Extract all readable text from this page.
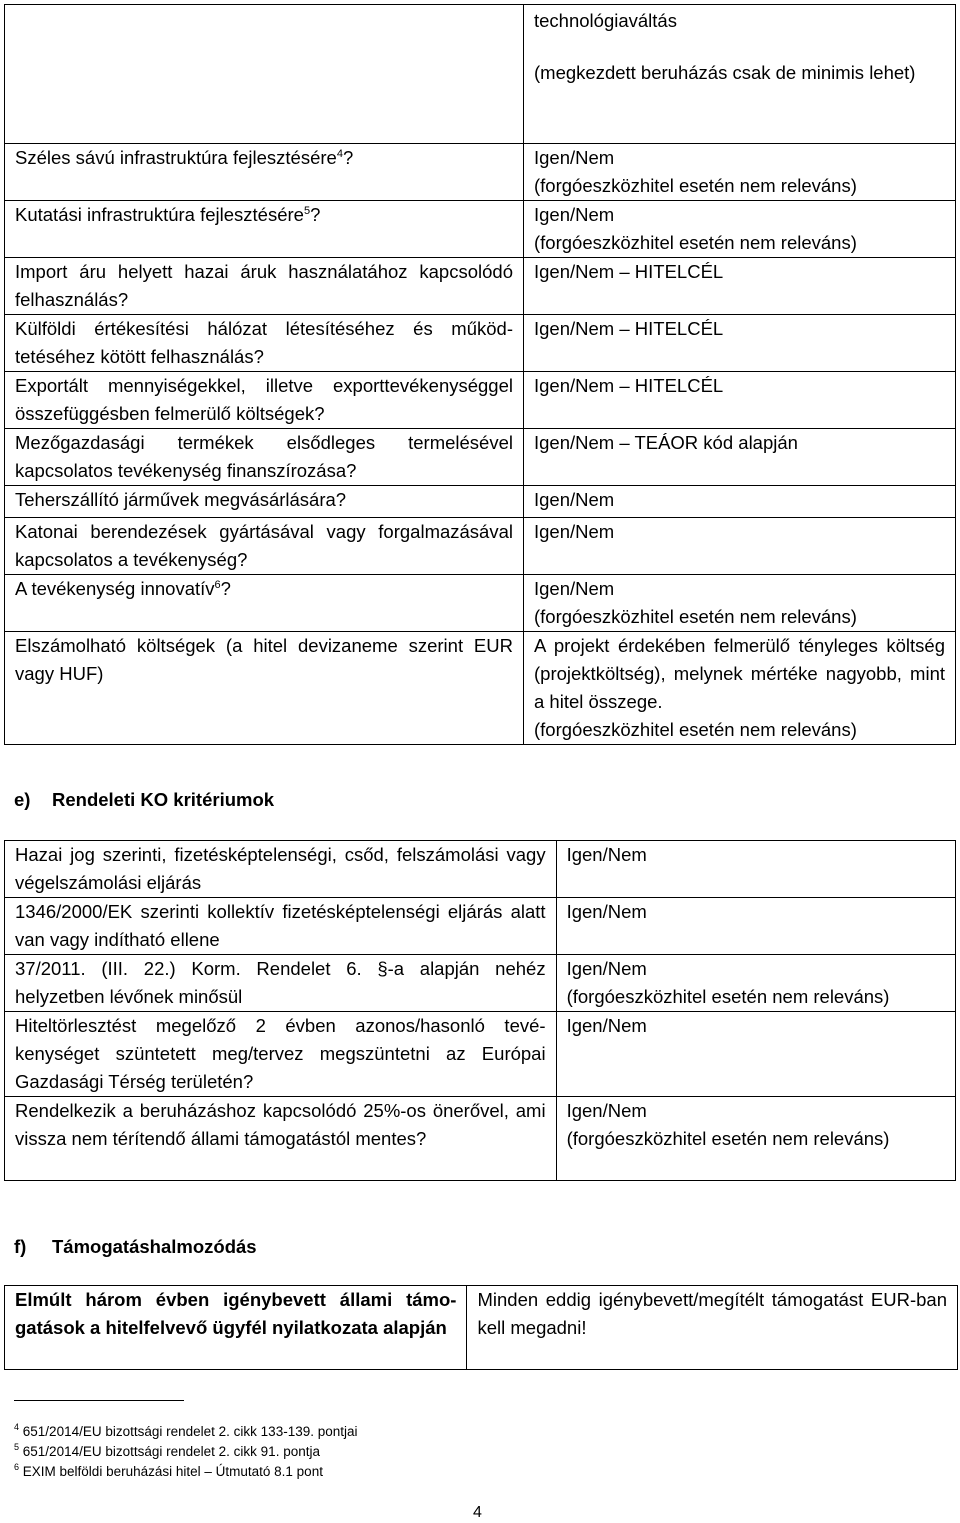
	technológiaváltás
(megkezdett beruházás csak de minimis lehet)

Széles sávú infrastruktúra fejlesztésére$^4$?	Igen/Nem
(forgóeszközhitel esetén nem releváns)

Kutatási infrastruktúra fejlesztésére$^5$?	Igen/Nem
(forgóeszközhitel esetén nem releváns)

Import áru helyett hazai áruk használatához kapcsolódó felhasználás?	Igen/Nem – HITELCÉL

Külföldi értékesítési hálózat létesítéséhez és működtetéséhez kötött felhasználás?	Igen/Nem – HITELCÉL

Exportált mennyiségekkel, illetve exporttevékenységgel összefüggésben felmerülő költségek?	Igen/Nem – HITELCÉL

Mezőgazdasági termékek elsődleges termelésével kapcsolatos tevékenység finanszírozása?	Igen/Nem – TEÁOR kód alapján

Teherszállító járművek megvásárlására?	Igen/Nem

Katonai berendezések gyártásával vagy forgalmazásával kapcsolatos a tevékenység?	Igen/Nem

A tevékenység innovatív$^6$?	Igen/Nem
(forgóeszközhitel esetén nem releváns)

Elszámolható költségek (a hitel devizaneme szerint EUR vagy HUF)	A projekt érdekében felmerülő tényleges költség (projektköltség), melynek mértéke nagyobb, mint a hitel összege.
(forgóeszközhitel esetén nem releváns)
e) Rendeleti KO kritériumok
Hazai jog szerinti, fizetésképtelenségi, csőd, felszámolási vagy végelszámolási eljárás	Igen/Nem

1346/2000/EK szerinti kollektív fizetésképtelenségi eljárás alatt van vagy indítható ellene	Igen/Nem

37/2011. (III. 22.) Korm. Rendelet 6. §-a alapján nehéz helyzetben lévőnek minősül	Igen/Nem
(forgóeszközhitel esetén nem releváns)

Hiteltörlesztést megelőző 2 évben azonos/hasonló tevékenységet szüntetett meg/tervez megszüntetni az Európai Gazdasági Térség területén?	Igen/Nem

Rendelkezik a beruházáshoz kapcsolódó 25%-os önerővel, ami vissza nem térítendő állami támogatástól mentes?	Igen/Nem
(forgóeszközhitel esetén nem releváns)
f) Támogatáshalmozódás
Elmúlt három évben igénybevett állami támogatások a hitelfelvevő ügyfél nyilatkozata alapján	Minden eddig igénybevett/megítélt támogatást EUR-ban kell megadni!
$^4$ 651/2014/EU bizottsági rendelet 2. cikk 133-139. pontjai
$^5$ 651/2014/EU bizottsági rendelet 2. cikk 91. pontja
$^6$ EXIM belföldi beruházási hitel – Útmutató 8.1 pont
4
